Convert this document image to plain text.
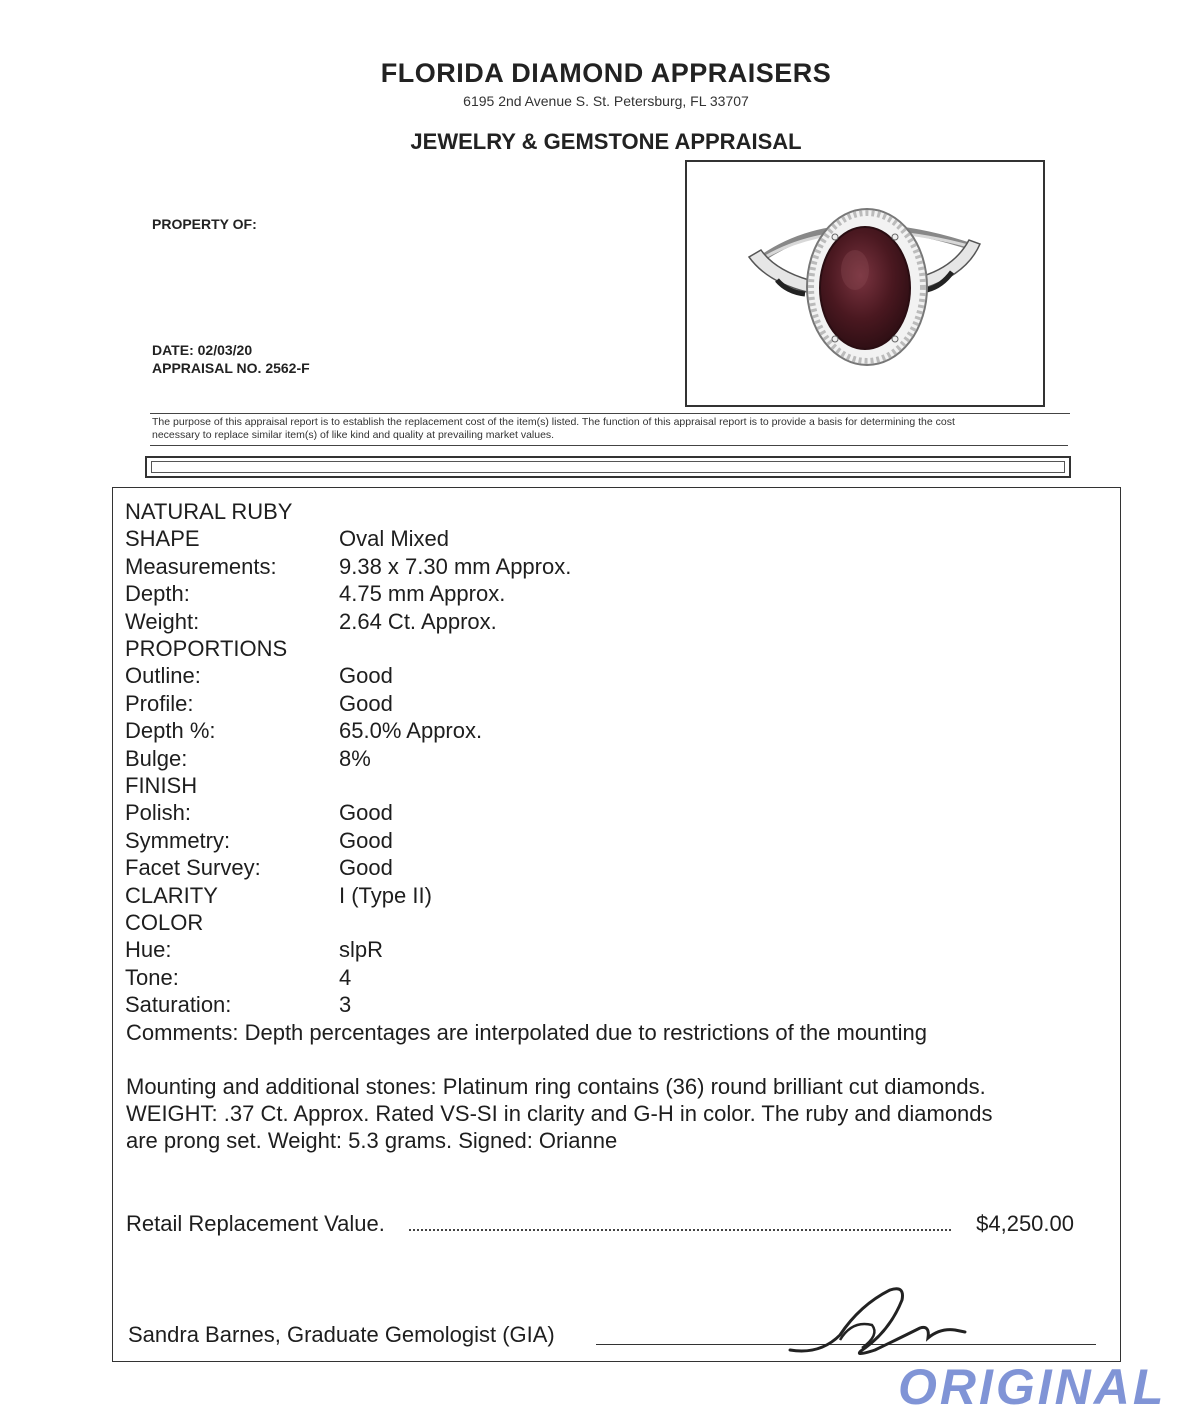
FLORIDA DIAMOND APPRAISERS
6195 2nd Avenue S. St. Petersburg, FL 33707
JEWELRY & GEMSTONE APPRAISAL
PROPERTY OF:
DATE: 02/03/20
APPRAISAL NO. 2562-F
The purpose of this appraisal report is to establish the replacement cost of the item(s) listed. The function of this appraisal report is to provide a basis for determining the cost
necessary to replace similar item(s) of like kind and quality at prevailing market values.
NATURAL RUBY
SHAPE	Oval Mixed
Measurements:	9.38 x 7.30 mm Approx.
Depth:	4.75 mm Approx.
Weight:	2.64 Ct. Approx.
PROPORTIONS
Outline:	Good
Profile:	Good
Depth %:	65.0% Approx.
Bulge:	8%
FINISH
Polish:	Good
Symmetry:	Good
Facet Survey:	Good
CLARITY	I (Type II)
COLOR
Hue:	slpR
Tone:	4
Saturation:	3
Comments: Depth percentages are interpolated due to restrictions of the mounting
Mounting and additional stones: Platinum ring contains (36) round brilliant cut diamonds.
WEIGHT: .37 Ct. Approx. Rated VS-SI in clarity and G-H in color. The ruby and diamonds
are prong set. Weight: 5.3 grams. Signed: Orianne
Retail Replacement Value.	$4,250.00
Sandra Barnes, Graduate Gemologist (GIA)
ORIGINAL
